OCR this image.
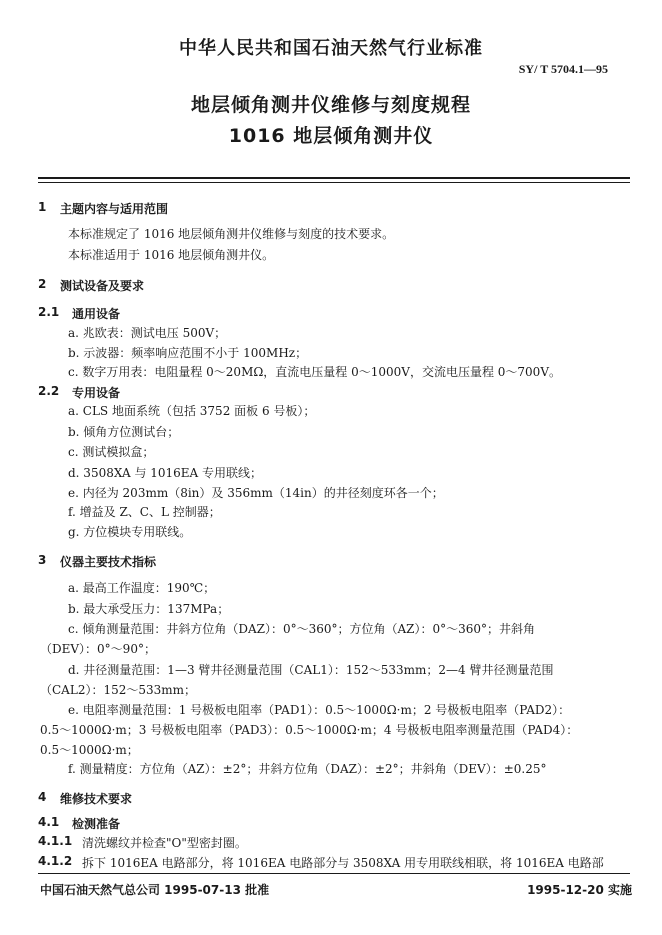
中华人民共和国石油天然气行业标准
SY/ T 5704.1—95
地层倾角测井仪维修与刻度规程
1016 地层倾角测井仪
1 主题内容与适用范围
本标准规定了 1016 地层倾角测井仪维修与刻度的技术要求。
本标准适用于 1016 地层倾角测井仪。
2 测试设备及要求
2.1 通用设备
a. 兆欧表：测试电压 500V；
b. 示波器：频率响应范围不小于 100MHz；
c. 数字万用表：电阻量程 0～20MΩ，直流电压量程 0～1000V，交流电压量程 0～700V。
2.2 专用设备
a. CLS 地面系统（包括 3752 面板 6 号板）；
b. 倾角方位测试台；
c. 测试模拟盒；
d. 3508XA 与 1016EA 专用联线；
e. 内径为 203mm（8in）及 356mm（14in）的井径刻度环各一个；
f. 增益及 Z、C、L 控制器；
g. 方位模块专用联线。
3 仪器主要技术指标
a. 最高工作温度：190℃；
b. 最大承受压力：137MPa；
c. 倾角测量范围：井斜方位角（DAZ）：0°～360°；方位角（AZ）：0°～360°；井斜角
（DEV）：0°～90°；
d. 井径测量范围：1—3 臂井径测量范围（CAL1）：152～533mm；2—4 臂井径测量范围
（CAL2）：152～533mm；
e. 电阻率测量范围：1 号极板电阻率（PAD1）：0.5～1000Ω·m；2 号极板电阻率（PAD2）：
0.5～1000Ω·m；3 号极板电阻率（PAD3）：0.5～1000Ω·m；4 号极板电阻率测量范围（PAD4）：
0.5～1000Ω·m；
f. 测量精度：方位角（AZ）：±2°；井斜方位角（DAZ）：±2°；井斜角（DEV）：±0.25°
4 维修技术要求
4.1 检测准备
4.1.1 清洗螺纹并检查"O"型密封圈。
4.1.2 拆下 1016EA 电路部分，将 1016EA 电路部分与 3508XA 用专用联线相联，将 1016EA 电路部
中国石油天然气总公司 1995-07-13 批准	1995-12-20 实施
